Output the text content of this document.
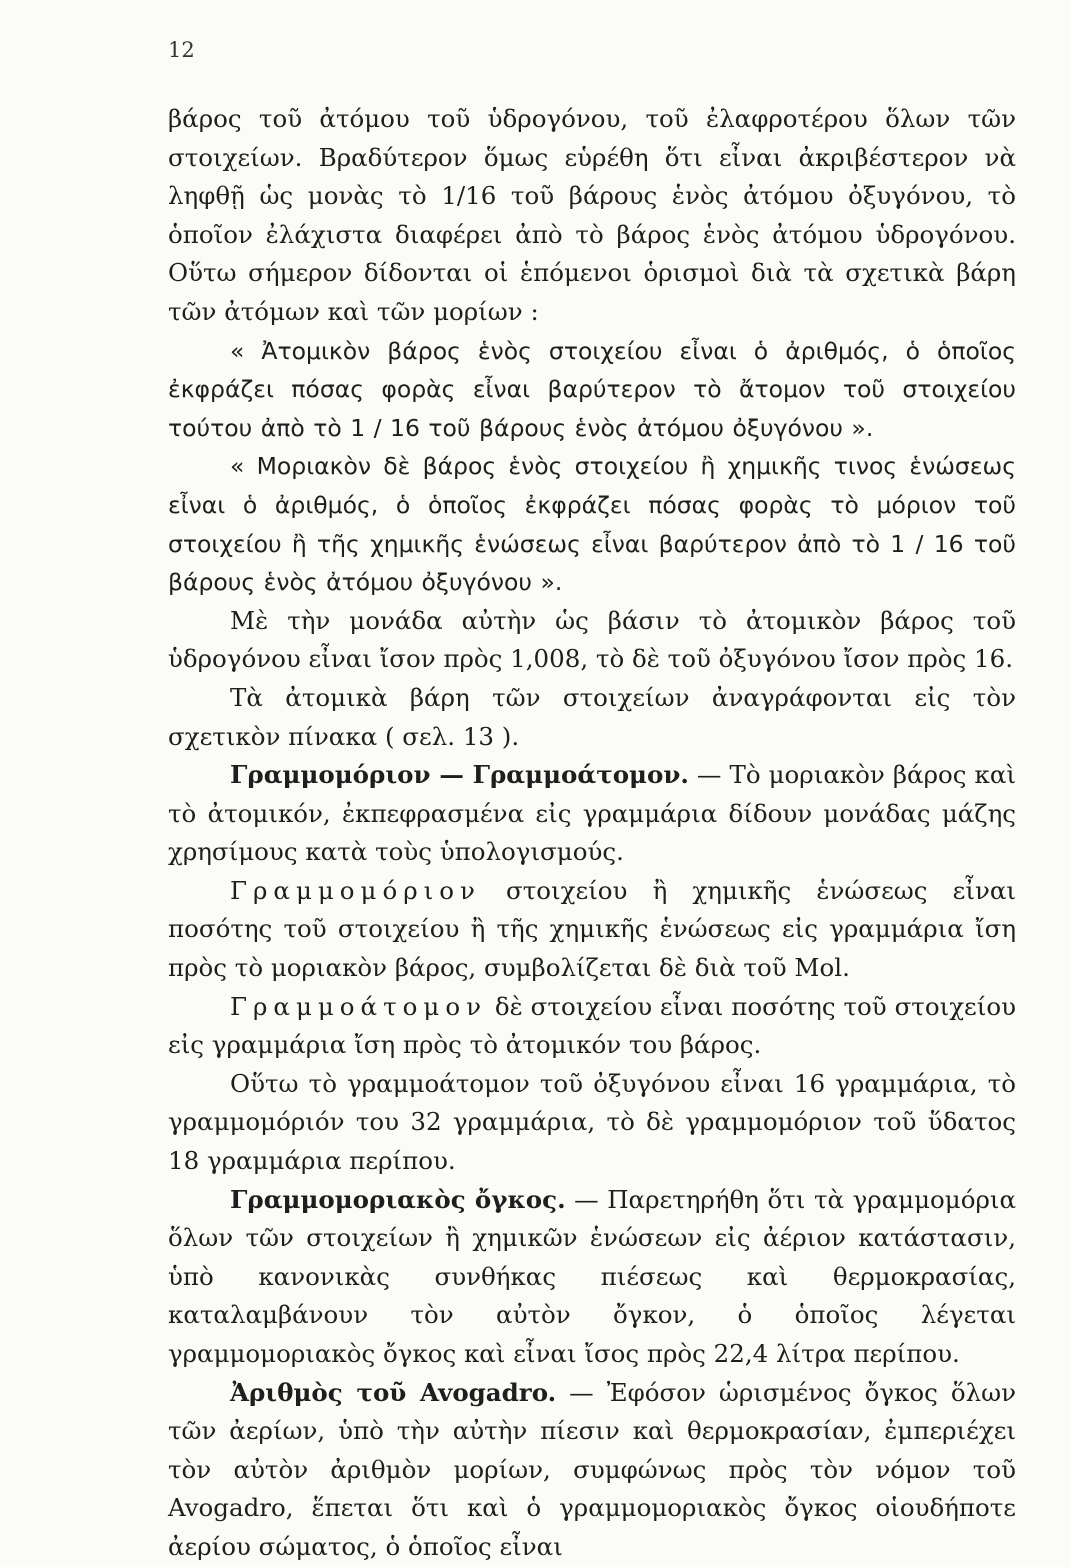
12

βάρος τοῦ ἀτόμου τοῦ ὑδρογόνου, τοῦ ἐλαφροτέρου ὅλων τῶν στοιχείων. Βραδύτερον ὅμως εὑρέθη ὅτι εἶναι ἀκριβέστερον νὰ ληφθῇ ὡς μονὰς τὸ 1/16 τοῦ βάρους ἑνὸς ἀτόμου ὀξυγόνου, τὸ ὁποῖον ἐλάχιστα διαφέρει ἀπὸ τὸ βάρος ἑνὸς ἀτόμου ὑδρογόνου. Οὕτω σήμερον δίδονται οἱ ἑπόμενοι ὁρισμοὶ διὰ τὰ σχετικὰ βάρη τῶν ἀτόμων καὶ τῶν μορίων :

« Ἀτομικὸν βάρος ἑνὸς στοιχείου εἶναι ὁ ἀριθμός, ὁ ὁποῖος ἐκφράζει πόσας φορὰς εἶναι βαρύτερον τὸ ἄτομον τοῦ στοιχείου τούτου ἀπὸ τὸ 1 / 16 τοῦ βάρους ἑνὸς ἀτόμου ὀξυγόνου ».

« Μοριακὸν δὲ βάρος ἑνὸς στοιχείου ἢ χημικῆς τινος ἑνώσεως εἶναι ὁ ἀριθμός, ὁ ὁποῖος ἐκφράζει πόσας φορὰς τὸ μόριον τοῦ στοιχείου ἢ τῆς χημικῆς ἑνώσεως εἶναι βαρύτερον ἀπὸ τὸ 1 / 16 τοῦ βάρους ἑνὸς ἀτόμου ὀξυγόνου ».

Μὲ τὴν μονάδα αὐτὴν ὡς βάσιν τὸ ἀτομικὸν βάρος τοῦ ὑδρογόνου εἶναι ἴσον πρὸς 1,008, τὸ δὲ τοῦ ὀξυγόνου ἴσον πρὸς 16.

Τὰ ἀτομικὰ βάρη τῶν στοιχείων ἀναγράφονται εἰς τὸν σχετικὸν πίνακα ( σελ. 13 ).

Γραμμομόριον — Γραμμοάτομον. — Τὸ μοριακὸν βάρος καὶ τὸ ἀτομικόν, ἐκπεφρασμένα εἰς γραμμάρια δίδουν μονάδας μάζης χρησίμους κατὰ τοὺς ὑπολογισμούς.

Γραμμομόριον στοιχείου ἢ χημικῆς ἑνώσεως εἶναι ποσότης τοῦ στοιχείου ἢ τῆς χημικῆς ἑνώσεως εἰς γραμμάρια ἴση πρὸς τὸ μοριακὸν βάρος, συμβολίζεται δὲ διὰ τοῦ Mol.

Γραμμοάτομον δὲ στοιχείου εἶναι ποσότης τοῦ στοιχείου εἰς γραμμάρια ἴση πρὸς τὸ ἀτομικόν του βάρος.

Οὕτω τὸ γραμμοάτομον τοῦ ὀξυγόνου εἶναι 16 γραμμάρια, τὸ γραμμομόριόν του 32 γραμμάρια, τὸ δὲ γραμμομόριον τοῦ ὕδατος 18 γραμμάρια περίπου.

Γραμμομοριακὸς ὄγκος. — Παρετηρήθη ὅτι τὰ γραμμομόρια ὅλων τῶν στοιχείων ἢ χημικῶν ἑνώσεων εἰς ἀέριον κατάστασιν, ὑπὸ κανονικὰς συνθήκας πιέσεως καὶ θερμοκρασίας, καταλαμβάνουν τὸν αὐτὸν ὄγκον, ὁ ὁποῖος λέγεται γραμμομοριακὸς ὄγκος καὶ εἶναι ἴσος πρὸς 22,4 λίτρα περίπου.

Ἀριθμὸς τοῦ Avogadro. — Ἐφόσον ὡρισμένος ὄγκος ὅλων τῶν ἀερίων, ὑπὸ τὴν αὐτὴν πίεσιν καὶ θερμοκρασίαν, ἐμπεριέχει τὸν αὐτὸν ἀριθμὸν μορίων, συμφώνως πρὸς τὸν νόμον τοῦ Avogadro, ἕπεται ὅτι καὶ ὁ γραμμομοριακὸς ὄγκος οἱουδήποτε ἀερίου σώματος, ὁ ὁποῖος εἶναι
